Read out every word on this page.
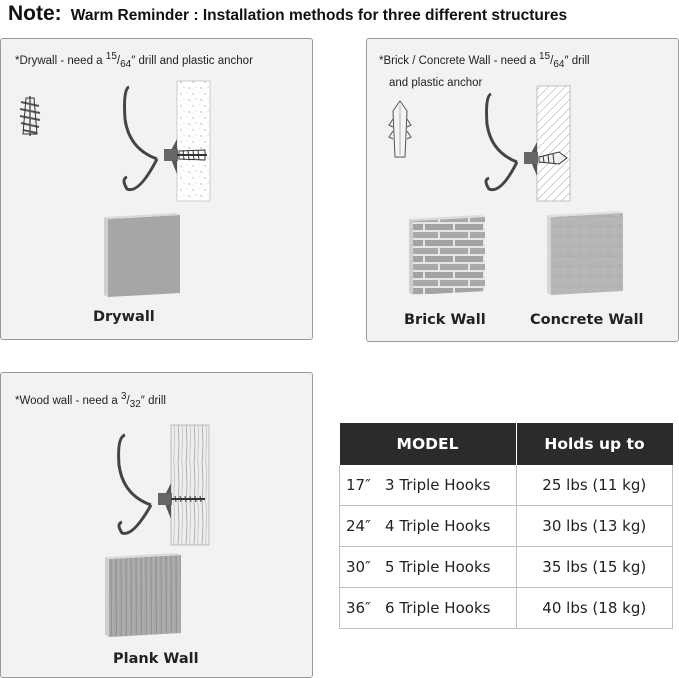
Note: Warm Reminder : Installation methods for three different structures
*Drywall - need a $^{15}/_{64}''$ drill and plastic anchor
Drywall
*Brick / Concrete Wall - need a $^{15}/_{64}''$ drill
and plastic anchor
Brick Wall	Concrete Wall
*Wood wall - need a $^3/_{32}''$ drill
Plank Wall
MODEL	Holds up to
17″ 3 Triple Hooks	25 lbs (11 kg)
24″ 4 Triple Hooks	30 lbs (13 kg)
30″ 5 Triple Hooks	35 lbs (15 kg)
36″ 6 Triple Hooks	40 lbs (18 kg)
